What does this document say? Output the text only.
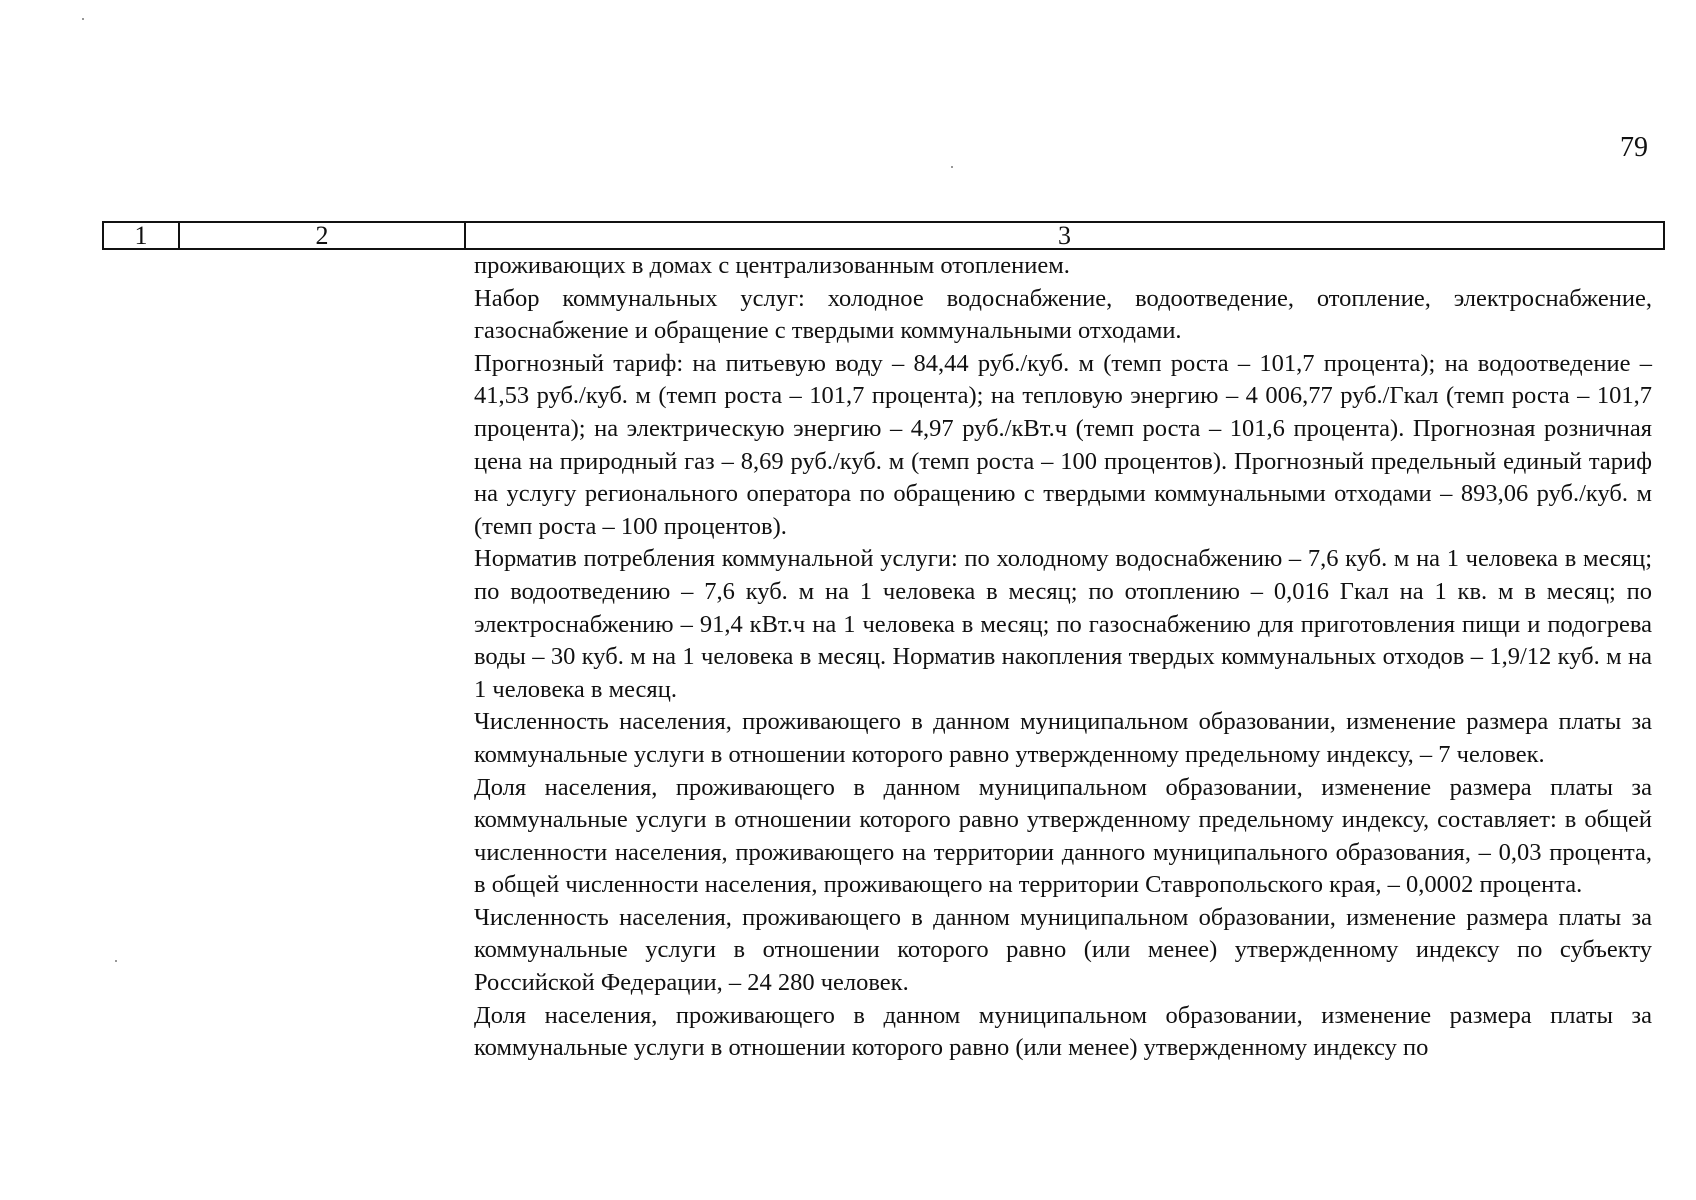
79
1	2	3

проживающих в домах с централизованным отоплением.

Набор коммунальных услуг: холодное водоснабжение, водоотведение, отопление, электроснабжение, газоснабжение и обращение с твердыми коммунальными отходами.

Прогнозный тариф: на питьевую воду – 84,44 руб./куб. м (темп роста – 101,7 процента); на водоотведение – 41,53 руб./куб. м (темп роста – 101,7 процента); на тепловую энергию – 4 006,77 руб./Гкал (темп роста – 101,7 процента); на электрическую энергию – 4,97 руб./кВт.ч (темп роста – 101,6 процента). Прогнозная розничная цена на природный газ – 8,69 руб./куб. м (темп роста – 100 процентов). Прогнозный предельный единый тариф на услугу регионального оператора по обращению с твердыми коммунальными отходами – 893,06 руб./куб. м (темп роста – 100 процентов).

Норматив потребления коммунальной услуги: по холодному водоснабжению – 7,6 куб. м на 1 человека в месяц; по водоотведению – 7,6 куб. м на 1 человека в месяц; по отоплению – 0,016 Гкал на 1 кв. м в месяц; по электроснабжению – 91,4 кВт.ч на 1 человека в месяц; по газоснабжению для приготовления пищи и подогрева воды – 30 куб. м на 1 человека в месяц. Норматив накопления твердых коммунальных отходов – 1,9/12 куб. м на 1 человека в месяц.

Численность населения, проживающего в данном муниципальном образовании, изменение размера платы за коммунальные услуги в отношении которого равно утвержденному предельному индексу, – 7 человек.

Доля населения, проживающего в данном муниципальном образовании, изменение размера платы за коммунальные услуги в отношении которого равно утвержденному предельному индексу, составляет: в общей численности населения, проживающего на территории данного муниципального образования, – 0,03 процента, в общей численности населения, проживающего на территории Ставропольского края, – 0,0002 процента.

Численность населения, проживающего в данном муниципальном образовании, изменение размера платы за коммунальные услуги в отношении которого равно (или менее) утвержденному индексу по субъекту Российской Федерации, – 24 280 человек.

Доля населения, проживающего в данном муниципальном образовании, изменение размера платы за коммунальные услуги в отношении которого равно (или менее) утвержденному индексу по
